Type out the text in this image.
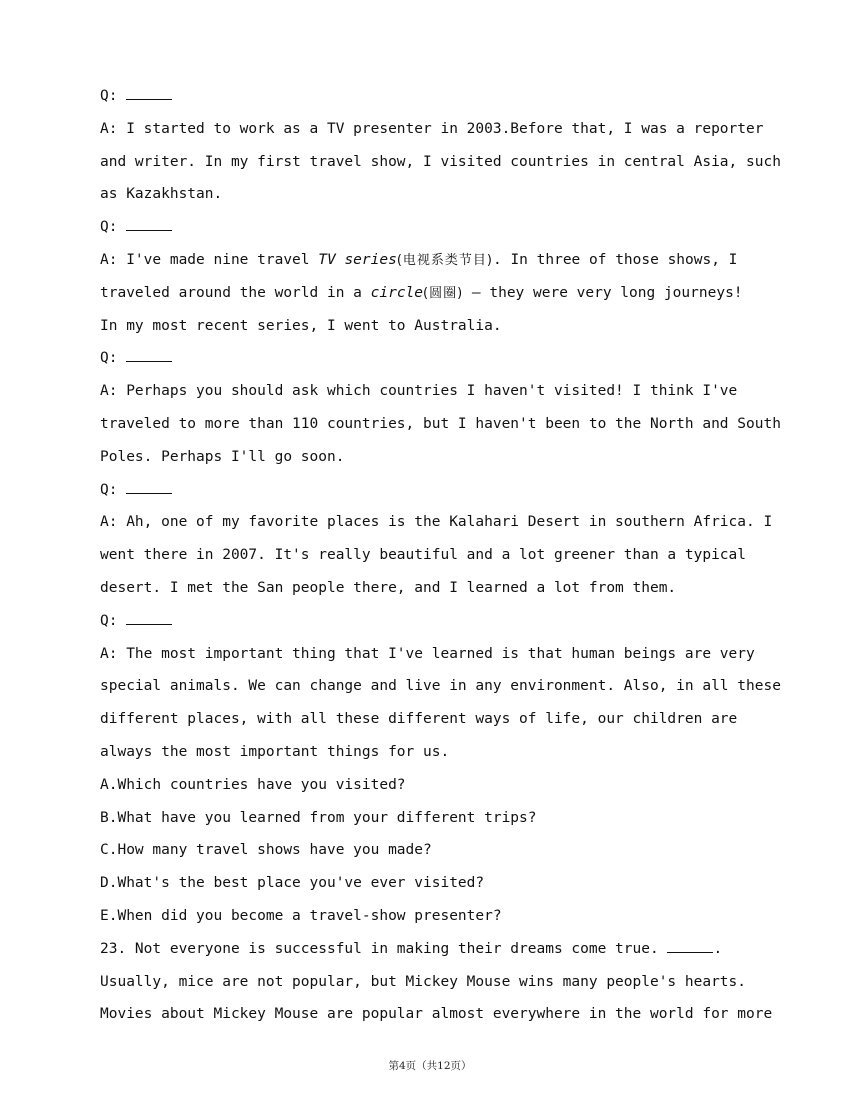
Q:
A: I started to work as a TV presenter in 2003.Before that, I was a reporter
and writer. In my first travel show, I visited countries in central Asia, such
as Kazakhstan.
Q:
A: I've made nine travel TV series(电视系类节目). In three of those shows, I
traveled around the world in a circle(圆圈) — they were very long journeys!
In my most recent series, I went to Australia.
Q:
A: Perhaps you should ask which countries I haven't visited! I think I've
traveled to more than 110 countries, but I haven't been to the North and South
Poles. Perhaps I'll go soon.
Q:
A: Ah, one of my favorite places is the Kalahari Desert in southern Africa. I
went there in 2007. It's really beautiful and a lot greener than a typical
desert. I met the San people there, and I learned a lot from them.
Q:
A: The most important thing that I've learned is that human beings are very
special animals. We can change and live in any environment. Also, in all these
different places, with all these different ways of life, our children are
always the most important things for us.
A.Which countries have you visited?
B.What have you learned from your different trips?
C.How many travel shows have you made?
D.What's the best place you've ever visited?
E.When did you become a travel-show presenter?
23. Not everyone is successful in making their dreams come true.	.
Usually, mice are not popular, but Mickey Mouse wins many people's hearts.
Movies about Mickey Mouse are popular almost everywhere in the world for more
第4页（共12页）
